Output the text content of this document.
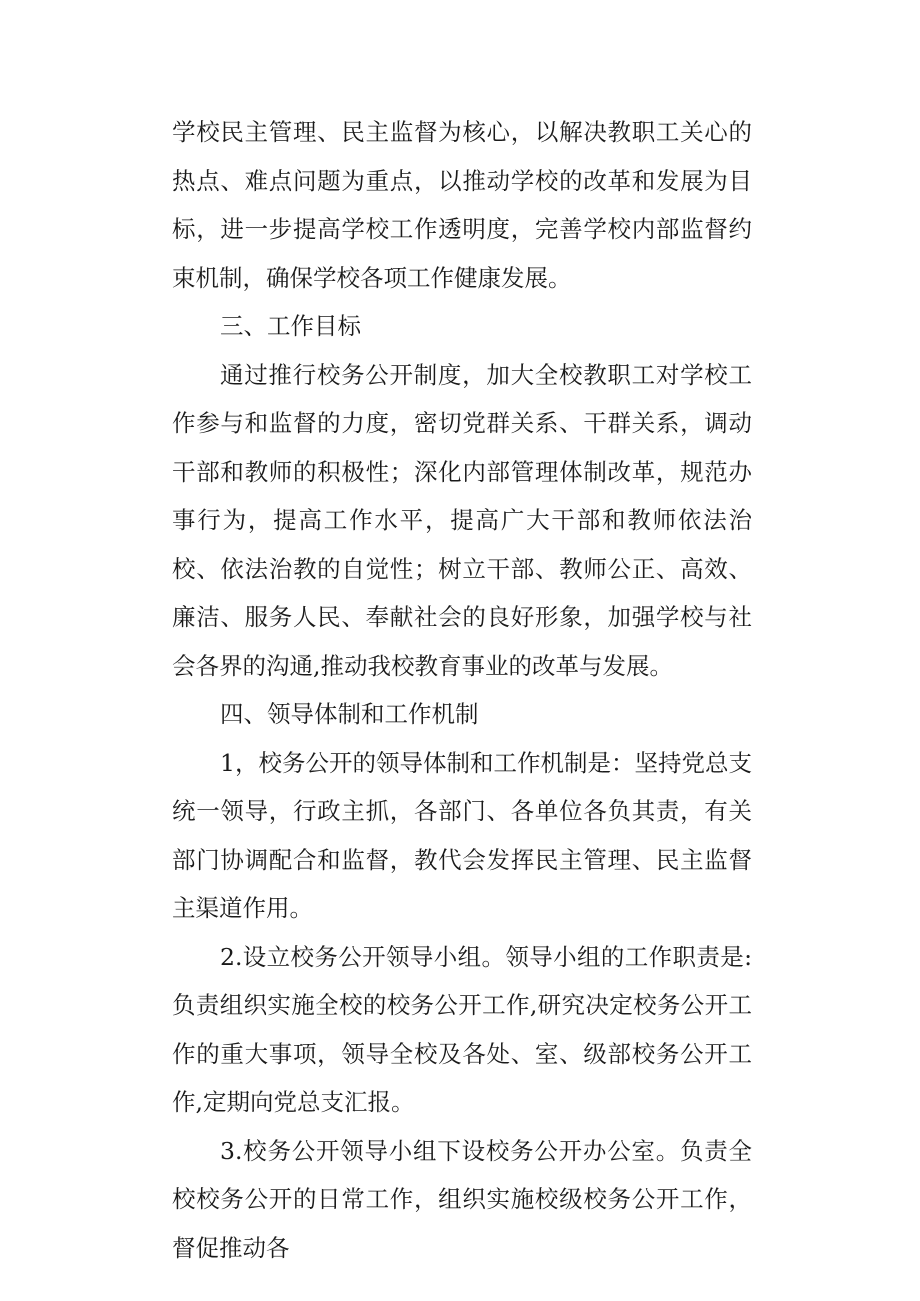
学校民主管理、民主监督为核心，以解决教职工关心的热点、难点问题为重点，以推动学校的改革和发展为目标，进一步提高学校工作透明度，完善学校内部监督约束机制，确保学校各项工作健康发展。

三、工作目标

通过推行校务公开制度，加大全校教职工对学校工作参与和监督的力度，密切党群关系、干群关系，调动干部和教师的积极性；深化内部管理体制改革，规范办事行为，提高工作水平，提高广大干部和教师依法治校、依法治教的自觉性；树立干部、教师公正、高效、廉洁、服务人民、奉献社会的良好形象，加强学校与社会各界的沟通,推动我校教育事业的改革与发展。

四、领导体制和工作机制

1，校务公开的领导体制和工作机制是：坚持党总支统一领导，行政主抓，各部门、各单位各负其责，有关部门协调配合和监督，教代会发挥民主管理、民主监督主渠道作用。

2.设立校务公开领导小组。领导小组的工作职责是:负责组织实施全校的校务公开工作,研究决定校务公开工作的重大事项，领导全校及各处、室、级部校务公开工作,定期向党总支汇报。

3.校务公开领导小组下设校务公开办公室。负责全校校务公开的日常工作，组织实施校级校务公开工作，督促推动各
